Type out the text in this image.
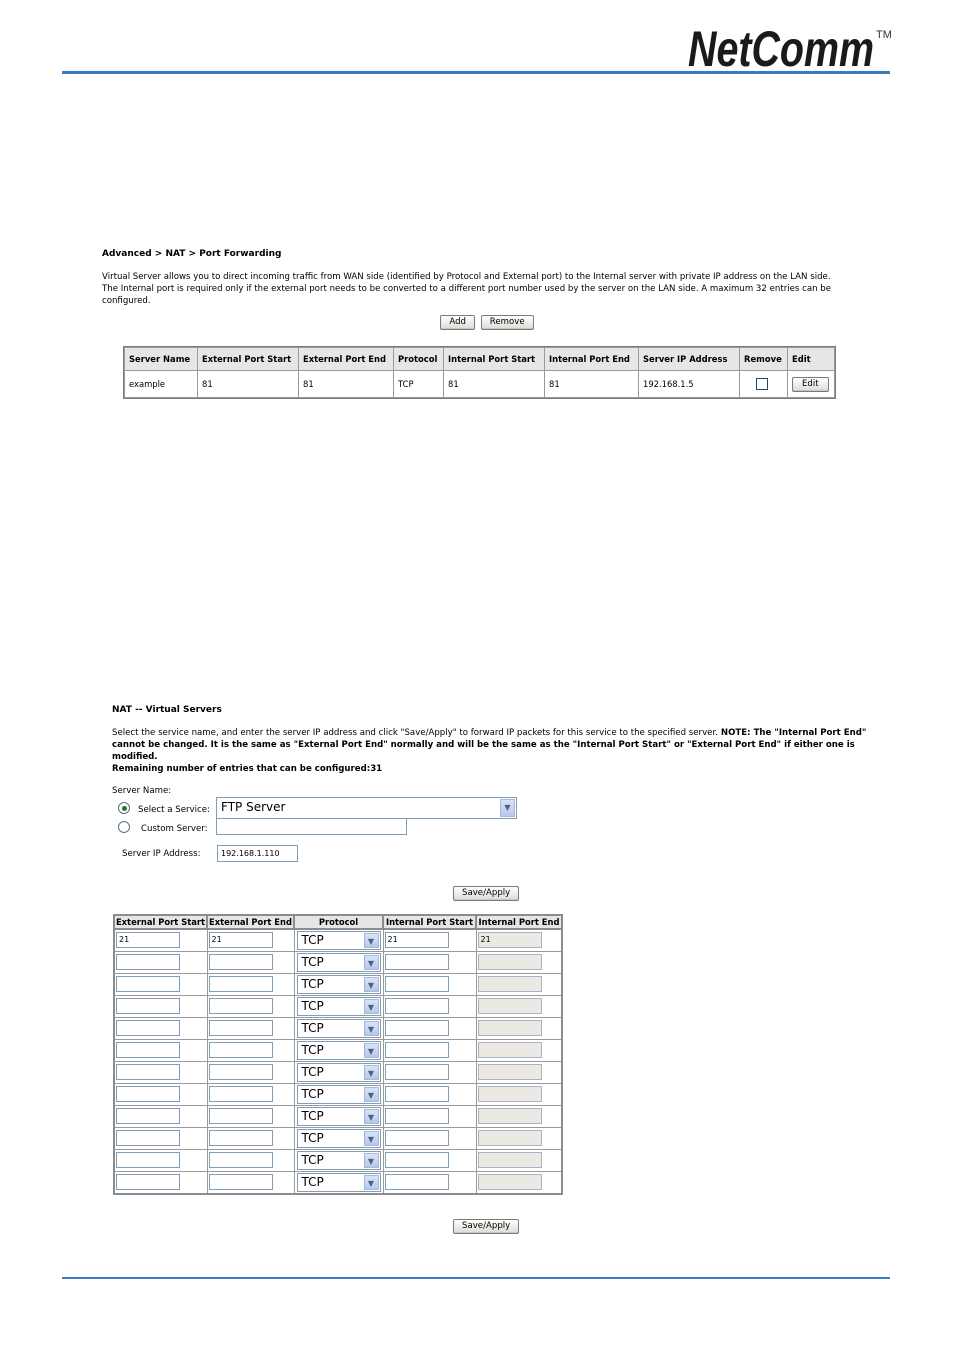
NetComm TM
Advanced > NAT > Port Forwarding
Virtual Server allows you to direct incoming traffic from WAN side (identified by Protocol and External port) to the Internal server with private IP address on the LAN side. The Internal port is required only if the external port needs to be converted to a different port number used by the server on the LAN side. A maximum 32 entries can be configured.
Add	Remove
Server Name	External Port Start	External Port End	Protocol	Internal Port Start	Internal Port End	Server IP Address	Remove	Edit
example	81	81	TCP	81	81	192.168.1.5		Edit
NAT -- Virtual Servers
Select the service name, and enter the server IP address and click "Save/Apply" to forward IP packets for this service to the specified server. NOTE: The "Internal Port End" cannot be changed. It is the same as "External Port End" normally and will be the same as the "Internal Port Start" or "External Port End" if either one is modified.
Remaining number of entries that can be configured:31
Server Name:
Select a Service: FTP Server	▼
Custom Server:
Server IP Address:	192.168.1.110
Save/Apply
External Port Start	External Port End	Protocol	Internal Port Start	Internal Port End

21	21	TCP ▼	21	21

		TCP ▼		

		TCP ▼		

		TCP ▼		

		TCP ▼		

		TCP ▼		

		TCP ▼		

		TCP ▼		

		TCP ▼		

		TCP ▼		

		TCP ▼		

		TCP ▼		

Save/Apply
